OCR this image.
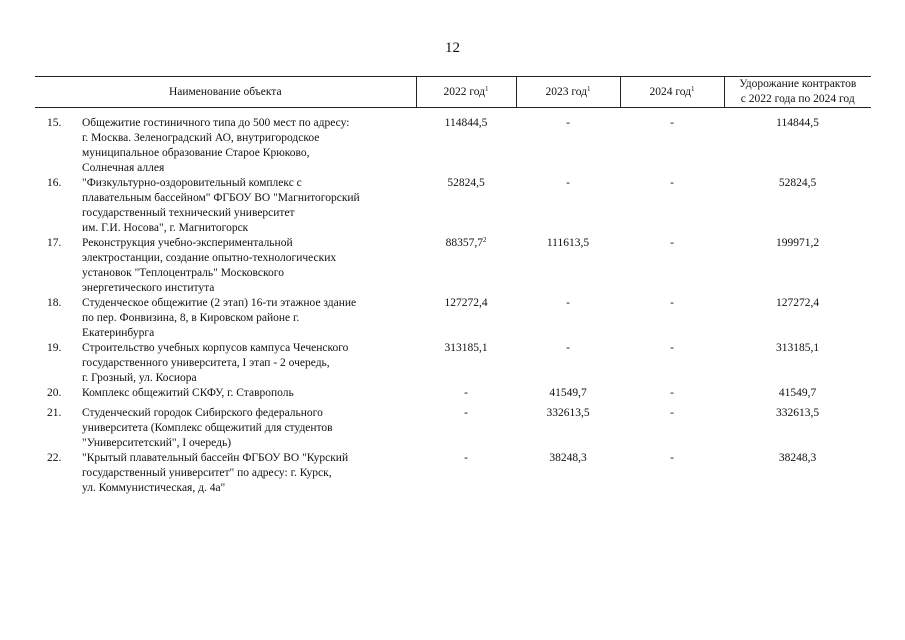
12
Наименование объекта	2022 год$^1$	2023 год$^1$	2024 год$^1$	Удорожание контрактов
с 2022 года по 2024 год

15. Общежитие гостиничного типа до 500 мест по адресу:
г. Москва. Зеленоградский АО, внутригородское
муниципальное образование Старое Крюково,
Солнечная аллея	114844,5	-	-	114844,5

16. "Физкультурно-оздоровительный комплекс с
плавательным бассейном" ФГБОУ ВО "Магнитогорский
государственный технический университет
им. Г.И. Носова", г. Магнитогорск	52824,5	-	-	52824,5

17. Реконструкция учебно-экспериментальной
электростанции, создание опытно-технологических
установок "Теплоцентраль" Московского
энергетического института	88357,7$^2$	111613,5	-	199971,2

18. Студенческое общежитие (2 этап) 16-ти этажное здание
по пер. Фонвизина, 8, в Кировском районе г.
Екатеринбурга	127272,4	-	-	127272,4

19. Строительство учебных корпусов кампуса Чеченского
государственного университета, I этап - 2 очередь,
г. Грозный, ул. Косиора	313185,1	-	-	313185,1

20. Комплекс общежитий СКФУ, г. Ставрополь	-	41549,7	-	41549,7

21. Студенческий городок Сибирского федерального
университета (Комплекс общежитий для студентов
"Университетский", I очередь)	-	332613,5	-	332613,5

22. "Крытый плавательный бассейн ФГБОУ ВО "Курский
государственный университет" по адресу: г. Курск,
ул. Коммунистическая, д. 4а"	-	38248,3	-	38248,3
